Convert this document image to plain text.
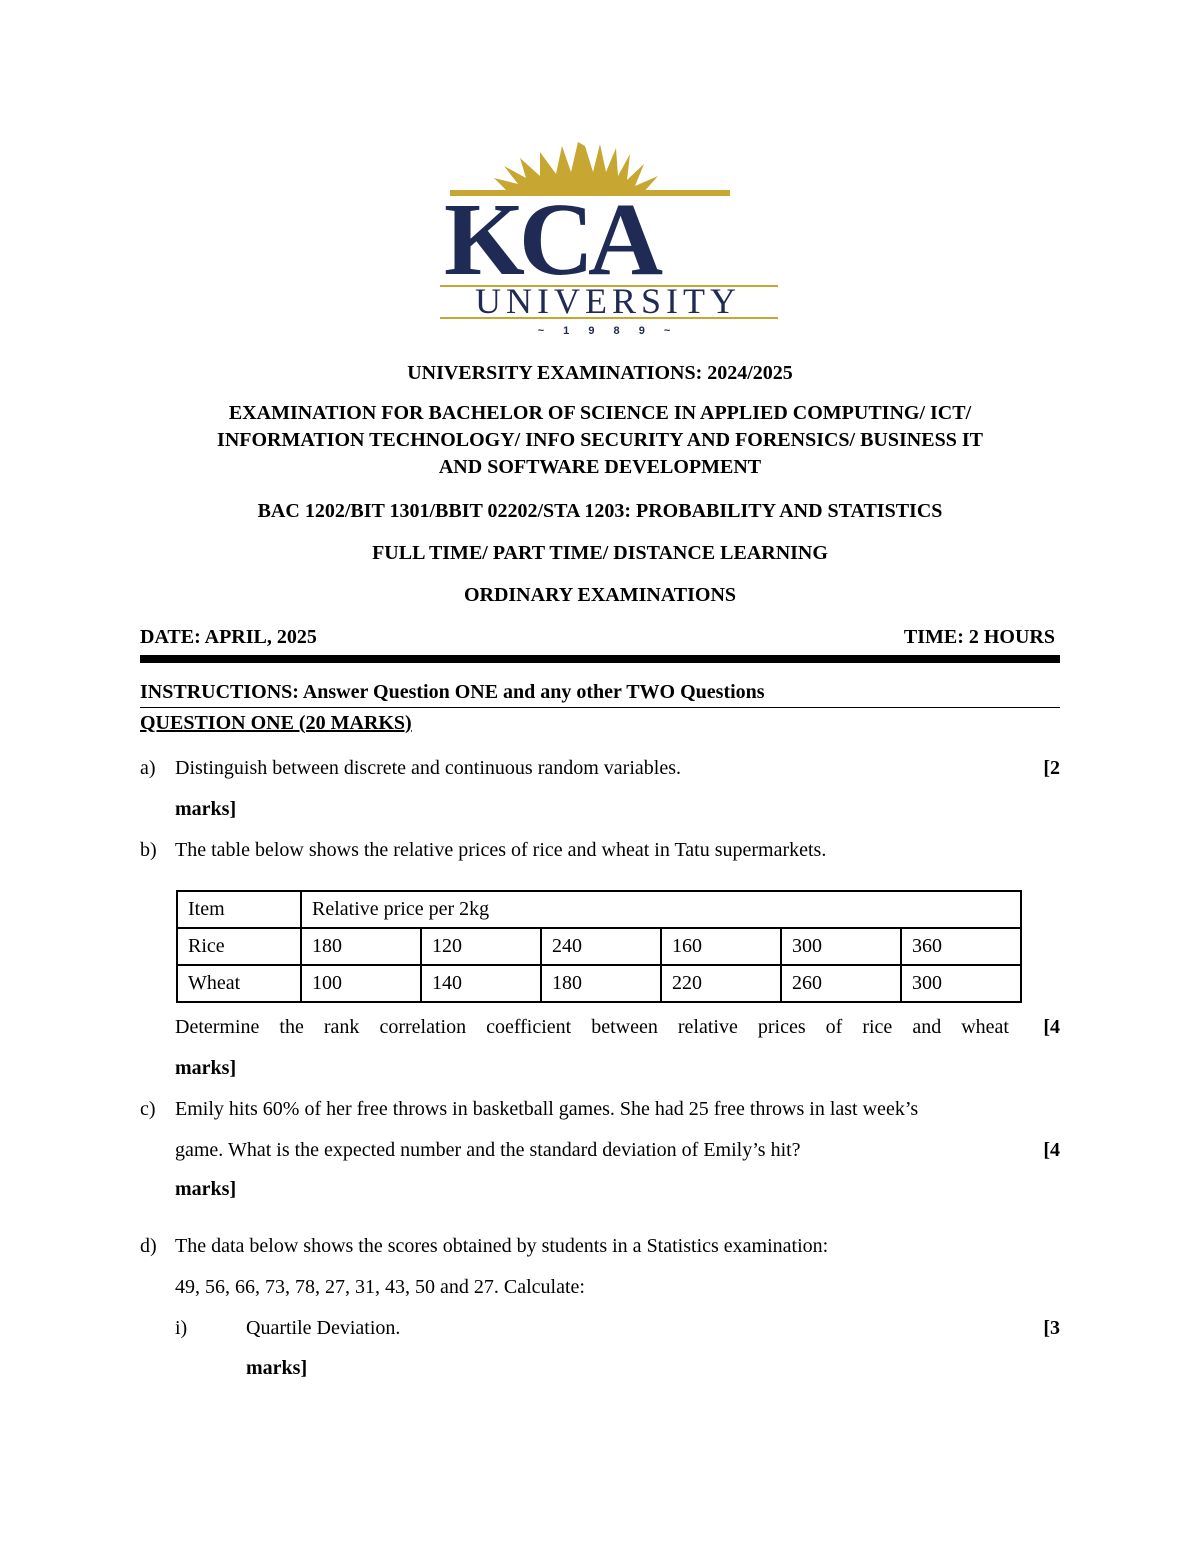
KCA
UNIVERSITY
~ 1 9 8 9 ~
UNIVERSITY EXAMINATIONS: 2024/2025
EXAMINATION FOR BACHELOR OF SCIENCE IN APPLIED COMPUTING/ ICT/
INFORMATION TECHNOLOGY/ INFO SECURITY AND FORENSICS/ BUSINESS IT
AND SOFTWARE DEVELOPMENT
BAC 1202/BIT 1301/BBIT 02202/STA 1203: PROBABILITY AND STATISTICS
FULL TIME/ PART TIME/ DISTANCE LEARNING
ORDINARY EXAMINATIONS
DATE: APRIL, 2025	TIME: 2 HOURS
INSTRUCTIONS: Answer Question ONE and any other TWO Questions
QUESTION ONE (20 MARKS)
a) Distinguish between discrete and continuous random variables.	[2
marks]
b) The table below shows the relative prices of rice and wheat in Tatu supermarkets.
Item	Relative price per 2kg					
Rice	180	120	240	160	300	360
Wheat	100	140	180	220	260	300
Determine the rank correlation coefficient between relative prices of rice and wheat [4
marks]
c) Emily hits 60% of her free throws in basketball games. She had 25 free throws in last week’s
game. What is the expected number and the standard deviation of Emily’s hit?	[4
marks]
d) The data below shows the scores obtained by students in a Statistics examination:
49, 56, 66, 73, 78, 27, 31, 43, 50 and 27. Calculate:
i)	Quartile Deviation.	[3
marks]
